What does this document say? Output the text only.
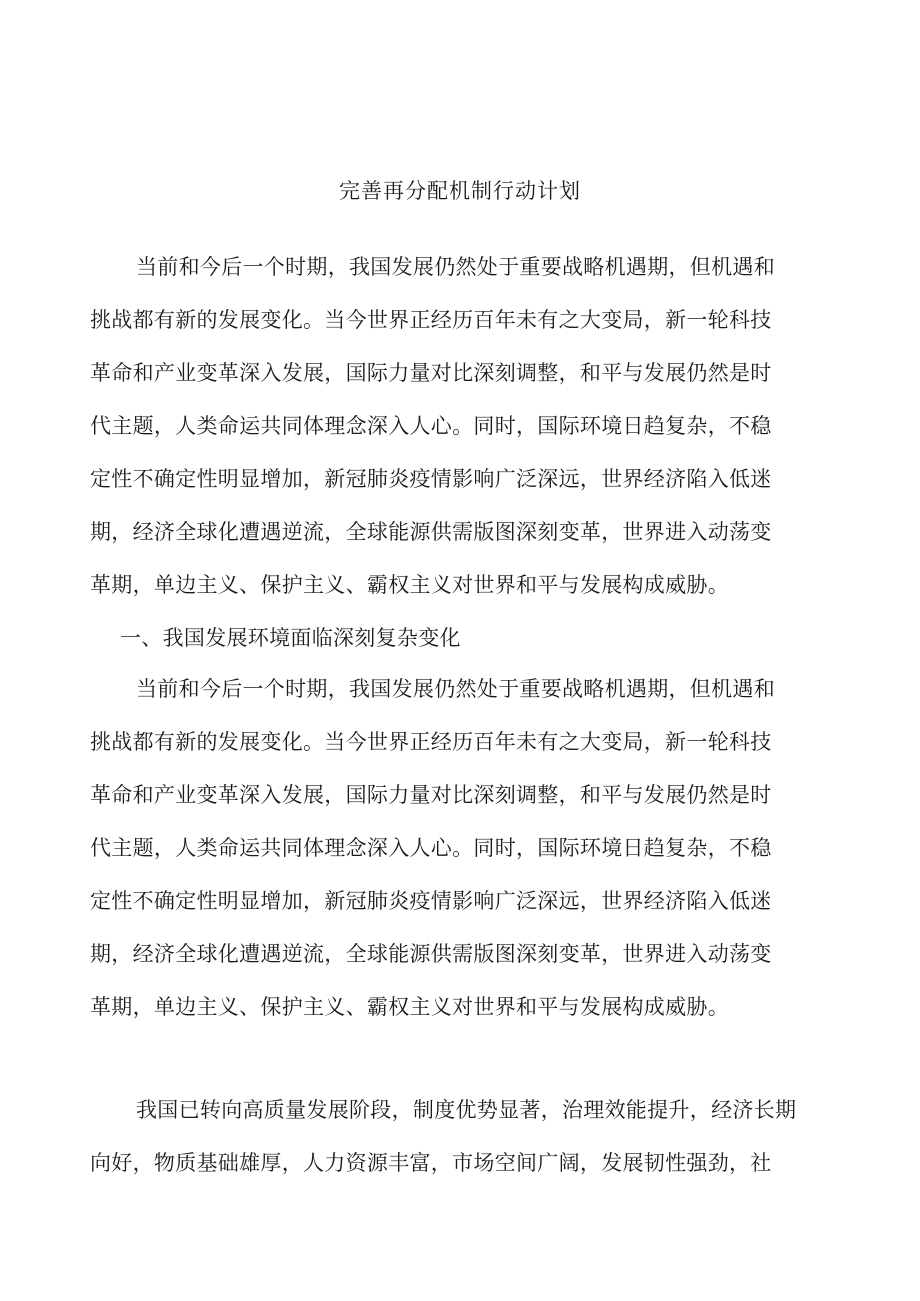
完善再分配机制行动计划

当前和今后一个时期，我国发展仍然处于重要战略机遇期，但机遇和
挑战都有新的发展变化。当今世界正经历百年未有之大变局，新一轮科技
革命和产业变革深入发展，国际力量对比深刻调整，和平与发展仍然是时
代主题，人类命运共同体理念深入人心。同时，国际环境日趋复杂，不稳
定性不确定性明显增加，新冠肺炎疫情影响广泛深远，世界经济陷入低迷
期，经济全球化遭遇逆流，全球能源供需版图深刻变革，世界进入动荡变
革期，单边主义、保护主义、霸权主义对世界和平与发展构成威胁。

一、我国发展环境面临深刻复杂变化

当前和今后一个时期，我国发展仍然处于重要战略机遇期，但机遇和
挑战都有新的发展变化。当今世界正经历百年未有之大变局，新一轮科技
革命和产业变革深入发展，国际力量对比深刻调整，和平与发展仍然是时
代主题，人类命运共同体理念深入人心。同时，国际环境日趋复杂，不稳
定性不确定性明显增加，新冠肺炎疫情影响广泛深远，世界经济陷入低迷
期，经济全球化遭遇逆流，全球能源供需版图深刻变革，世界进入动荡变
革期，单边主义、保护主义、霸权主义对世界和平与发展构成威胁。

我国已转向高质量发展阶段，制度优势显著，治理效能提升，经济长期
向好，物质基础雄厚，人力资源丰富，市场空间广阔，发展韧性强劲，社
